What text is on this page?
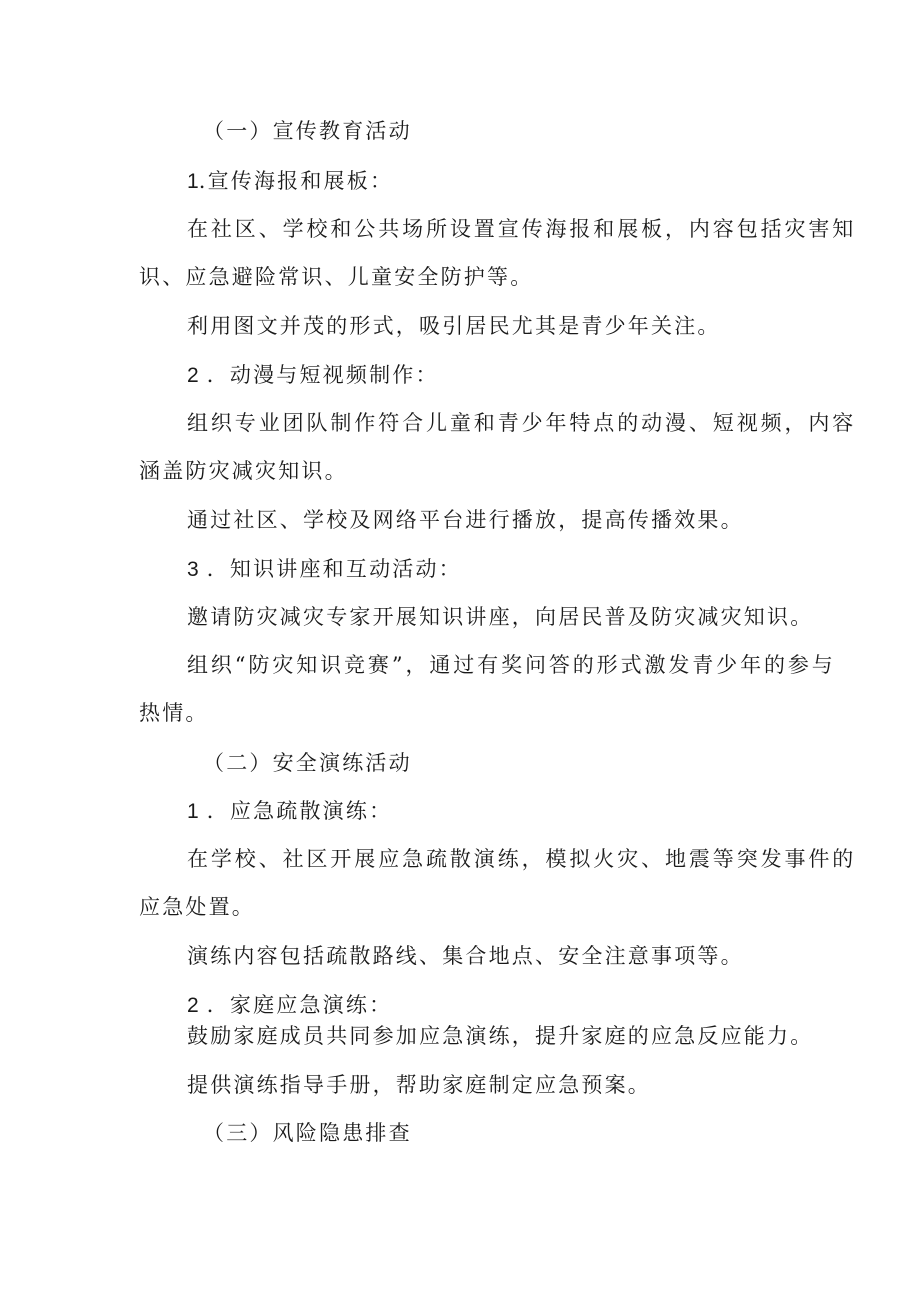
（一）宣传教育活动
1.宣传海报和展板：
在社区、学校和公共场所设置宣传海报和展板，内容包括灾害知
识、应急避险常识、儿童安全防护等。
利用图文并茂的形式，吸引居民尤其是青少年关注。
2 ．动漫与短视频制作：
组织专业团队制作符合儿童和青少年特点的动漫、短视频，内容
涵盖防灾减灾知识。
通过社区、学校及网络平台进行播放，提高传播效果。
3 ．知识讲座和互动活动：
邀请防灾减灾专家开展知识讲座，向居民普及防灾减灾知识。
组织“防灾知识竞赛”，通过有奖问答的形式激发青少年的参与
热情。
（二）安全演练活动
1 ．应急疏散演练：
在学校、社区开展应急疏散演练，模拟火灾、地震等突发事件的
应急处置。
演练内容包括疏散路线、集合地点、安全注意事项等。
2 ．家庭应急演练：
鼓励家庭成员共同参加应急演练，提升家庭的应急反应能力。
提供演练指导手册，帮助家庭制定应急预案。
（三）风险隐患排查
